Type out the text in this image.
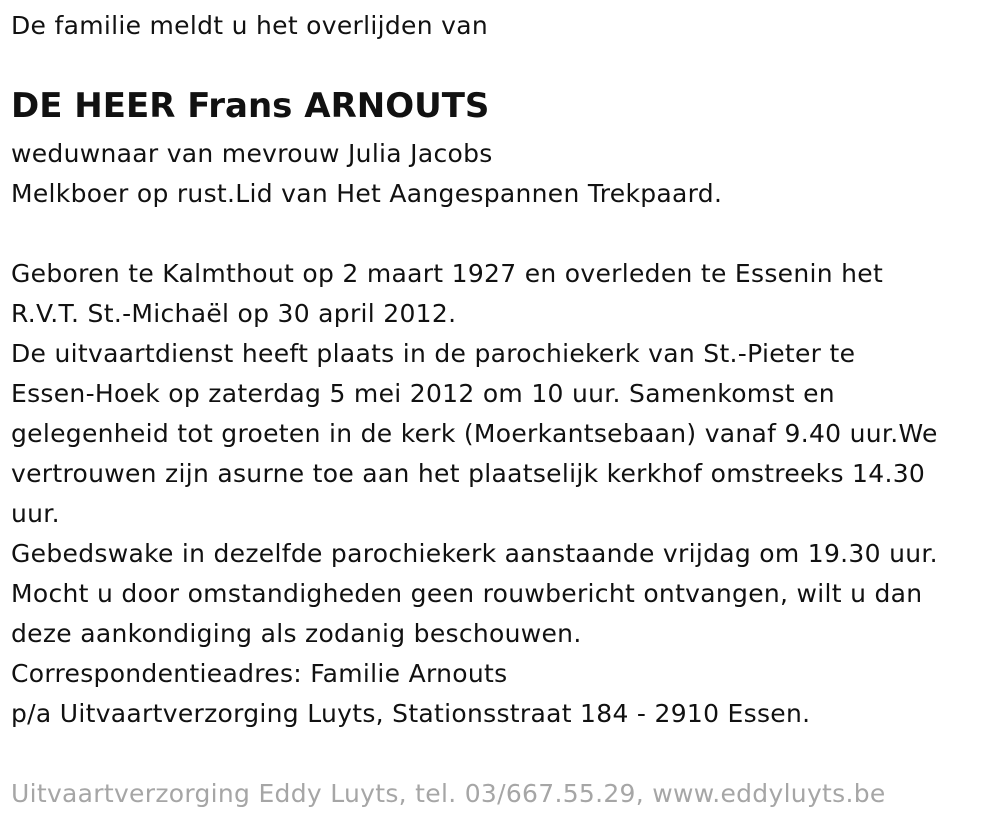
De familie meldt u het overlijden van
DE HEER Frans ARNOUTS
weduwnaar van mevrouw Julia Jacobs
Melkboer op rust.Lid van Het Aangespannen Trekpaard.
Geboren te Kalmthout op 2 maart 1927 en overleden te Essenin het
R.V.T. St.-Michaël op 30 april 2012.
De uitvaartdienst heeft plaats in de parochiekerk van St.-Pieter te
Essen-Hoek op zaterdag 5 mei 2012 om 10 uur. Samenkomst en
gelegenheid tot groeten in de kerk (Moerkantsebaan) vanaf 9.40 uur.We
vertrouwen zijn asurne toe aan het plaatselijk kerkhof omstreeks 14.30
uur.
Gebedswake in dezelfde parochiekerk aanstaande vrijdag om 19.30 uur.
Mocht u door omstandigheden geen rouwbericht ontvangen, wilt u dan
deze aankondiging als zodanig beschouwen.
Correspondentieadres: Familie Arnouts
p/a Uitvaartverzorging Luyts, Stationsstraat 184 - 2910 Essen.
Uitvaartverzorging Eddy Luyts, tel. 03/667.55.29, www.eddyluyts.be
